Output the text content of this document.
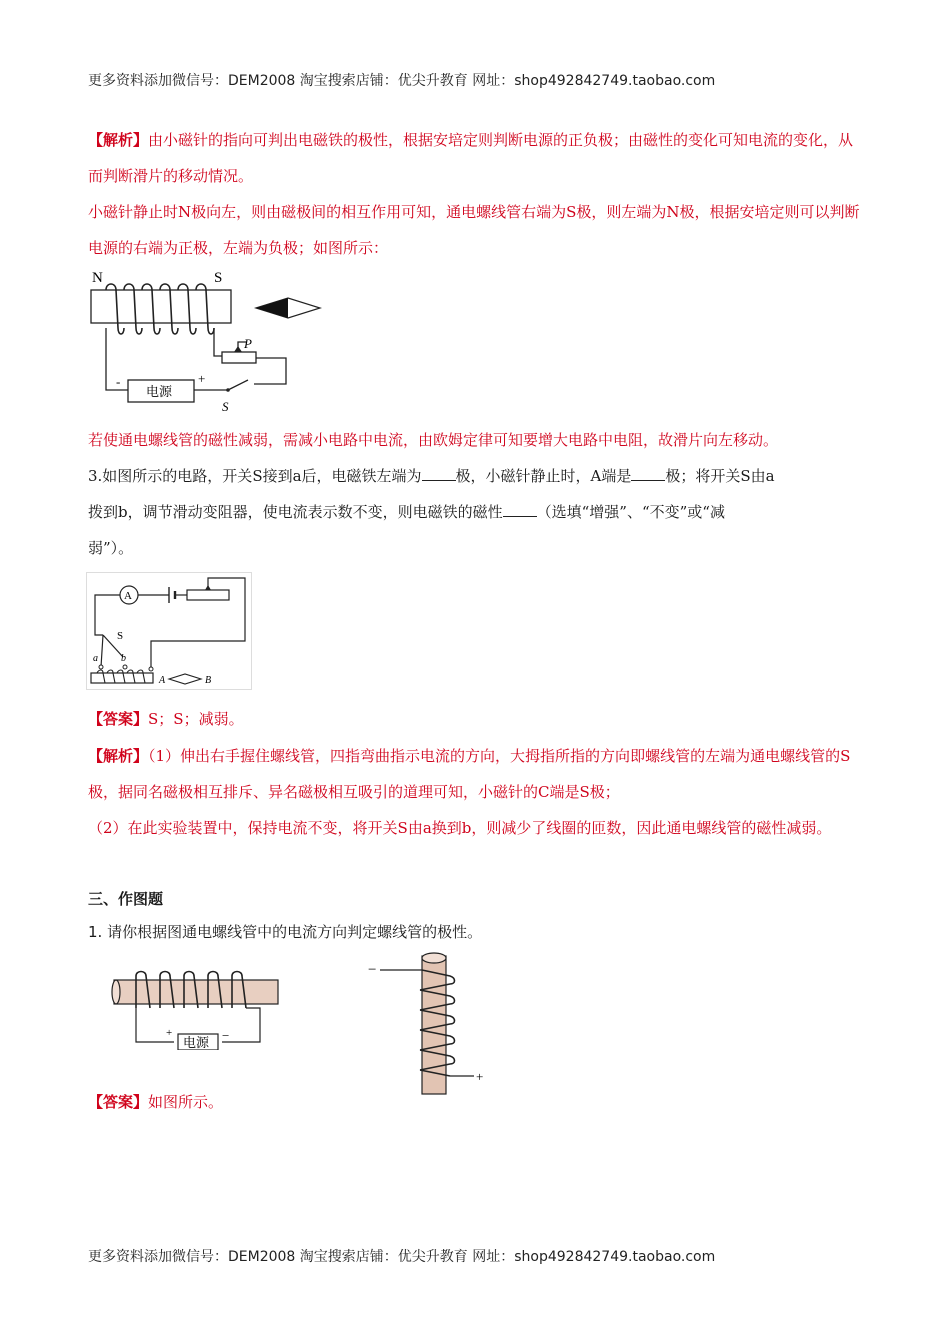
更多资料添加微信号：DEM2008 淘宝搜索店铺：优尖升教育 网址：shop492842749.taobao.com
【解析】由小磁针的指向可判出电磁铁的极性，根据安培定则判断电源的正负极；由磁性的变化可知电流的变化，从而判断滑片的移动情况。
小磁针静止时N极向左，则由磁极间的相互作用可知，通电螺线管右端为S极，则左端为N极，根据安培定则可以判断电源的右端为正极，左端为负极；如图所示：
N	S
P
电源
-	+
S
若使通电螺线管的磁性减弱，需减小电路中电流，由欧姆定律可知要增大电路中电阻，故滑片向左移动。
3.如图所示的电路，开关S接到a后，电磁铁左端为 极，小磁针静止时，A端是 极；将开关S由a
拨到b，调节滑动变阻器，使电流表示数不变，则电磁铁的磁性 （选填“增强”、“不变”或“减
弱”）。
A
S
a b
A	B
【答案】S；S；减弱。
【解析】（1）伸出右手握住螺线管，四指弯曲指示电流的方向，大拇指所指的方向即螺线管的左端为通电螺线管的S极，据同名磁极相互排斥、异名磁极相互吸引的道理可知，小磁针的C端是S极；
（2）在此实验装置中，保持电流不变，将开关S由a换到b，则减少了线圈的匝数，因此通电螺线管的磁性减弱。
三、作图题
1. 请你根据图通电螺线管中的电流方向判定螺线管的极性。
电源
+	−
−
+
【答案】如图所示。
更多资料添加微信号：DEM2008 淘宝搜索店铺：优尖升教育 网址：shop492842749.taobao.com
